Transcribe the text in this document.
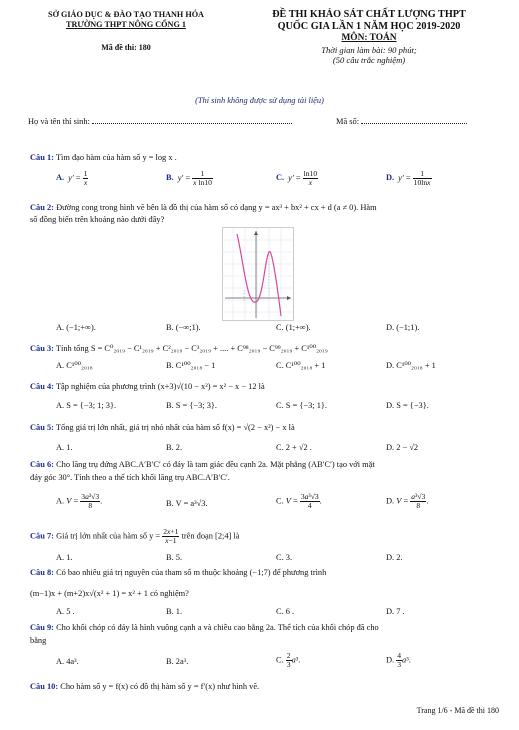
SỞ GIÁO DỤC & ĐÀO TẠO THANH HÓA
TRƯỜNG THPT NÔNG CỐNG 1
Mã đề thi: 180
ĐỀ THI KHẢO SÁT CHẤT LƯỢNG THPT
QUỐC GIA LẦN 1 NĂM HỌC 2019-2020
MÔN: TOÁN
Thời gian làm bài: 90 phút;
(50 câu trắc nghiệm)
(Thí sinh không được sử dụng tài liệu)
Họ và tên thí sinh:	Mã số:
Câu 1: Tìm đạo hàm của hàm số y = log x .
A. $y' = \frac{1}{x}$	B. $y' = \frac{1}{\text{x ln10}}$	C. $y' = \frac{\ln 10}{x}$	D. $y' = \frac{1}{10\ln x}$
Câu 2: Đường cong trong hình vẽ bên là đồ thị của hàm số có dạng y = ax³ + bx² + cx + d (a ≠ 0). Hàm
số đồng biến trên khoảng nào dưới đây?
A. (−1;+∞).	B. (−∞;1).	C. (1;+∞).	D. (−1;1).
Câu 3: Tính tổng S = C⁰₂₀₁₉ − C¹₂₀₁₉ + C²₂₀₁₉ − C³₂₀₁₉ + .... + C⁹⁸₂₀₁₉ − C⁹⁹₂₀₁₉ + C¹⁰⁰₂₀₁₉
A. C¹⁰⁰₂₀₁₈	B. C¹⁰⁰₂₀₁₈ − 1	C. C¹⁰⁰₂₀₁₈ + 1	D. C¹⁰⁰₂₀₁₈ + 1
Câu 4: Tập nghiệm của phương trình (x+3)√(10 − x²) = x² − x − 12 là
A. S = {−3; 1; 3}.	B. S = {−3; 3}.	C. S = {−3; 1}.	D. S = {−3}.
Câu 5: Tổng giá trị lớn nhất, giá trị nhỏ nhất của hàm số f(x) = √(2 − x²) − x là
A. 1.	B. 2.	C. 2 + √2 .	D. 2 − √2
Câu 6: Cho lăng trụ đứng ABC.A′B′C′ có đáy là tam giác đều cạnh 2a. Mặt phẳng (AB′C′) tạo với mặt
đáy góc 30°. Tính theo a thể tích khối lăng trụ ABC.A′B′C′.
A. $V = \frac{\text{3a³√3}}{8}$ .	B. V = a³√3.	C. $V = \frac{\text{3a³√3}}{4}$ .	D. $V = \frac{\text{a³√3}}{8}$ .
Câu 7: Giá trị lớn nhất của hàm số $y = \frac{2x+1}{x-1}$ trên đoạn [2;4] là
A. 1.	B. 5.	C. 3.	D. 2.
Câu 8: Có bao nhiêu giá trị nguyên của tham số m thuộc khoảng (−1;7) để phương trình
(m−1)x + (m+2)x√(x² + 1) = x² + 1 có nghiệm?
A. 5 .	B. 1.	C. 6 .	D. 7 .
Câu 9: Cho khối chóp có đáy là hình vuông cạnh a và chiều cao bằng 2a. Thể tích của khối chóp đã cho
bằng
A. 4a³.	B. 2a³.	C. $\frac{2}{3} a^3$.	D. $\frac{4}{3} a^3$.
Câu 10: Cho hàm số y = f(x) có đồ thị hàm số y = f′(x) như hình vẽ.
Trang 1/6 - Mã đề thi 180
